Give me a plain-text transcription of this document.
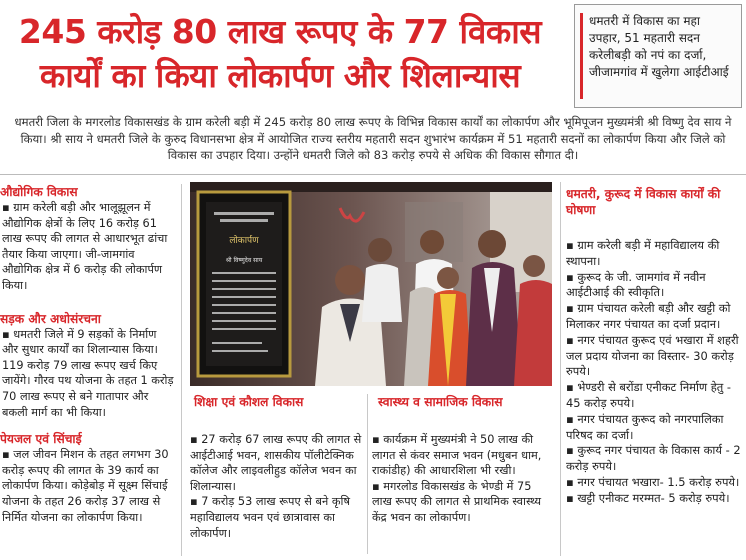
245 करोड़ 80 लाख रूपए के 77 विकास
कार्यों का किया लोकार्पण और शिलान्यास

धमतरी में विकास का महा उपहार, 51 महतारी सदन करेलीबड़ी को नपं का दर्जा, जीजामगांव में खुलेगा आईटीआई

धमतरी जिला के मगरलोड विकासखंड के ग्राम करेली बड़ी में 245 करोड़ 80 लाख रूपए के विभिन्न विकास कार्यों का लोकार्पण और भूमिपूजन मुख्यमंत्री श्री विष्णु देव साय ने किया। श्री साय ने धमतरी जिले के कुरुद विधानसभा क्षेत्र में आयोजित राज्य स्तरीय महतारी सदन शुभारंभ कार्यक्रम में 51 महतारी सदनों का लोकार्पण किया और जिले को विकास का उपहार दिया। उन्होंने धमतरी जिले को 83 करोड़ रुपये से अधिक की विकास सौगात दी।

औद्योगिक विकास

▪ ग्राम करेली बड़ी और भालूझूलन में औद्योगिक क्षेत्रों के लिए 16 करोड़ 61 लाख रूपए की लागत से आधारभूत ढांचा तैयार किया जाएगा। जी-जामगांव औद्योगिक क्षेत्र में 6 करोड़ की लोकार्पण किया।

सड़क और अधोसंरचना

▪ धमतरी जिले में 9 सड़कों के निर्माण और सुधार कार्यों का शिलान्यास किया। 119 करोड़ 79 लाख रूपए खर्च किए जायेंगे। गौरव पथ योजना के तहत 1 करोड़ 70 लाख रूपए से बने गातापार और बकली मार्ग का भी किया।

पेयजल एवं सिंचाई

▪ जल जीवन मिशन के तहत लगभग 30 करोड़ रूपए की लागत के 39 कार्य का लोकार्पण किया। कोड़ेबोड़ में सूक्ष्म सिंचाई योजना के तहत 26 करोड़ 37 लाख से निर्मित योजना का लोकार्पण किया।

लोकार्पण
श्री विष्णुदेव साय
शिक्षा एवं कौशल विकास

▪ 27 करोड़ 67 लाख रूपए की लागत से आईटीआई भवन, शासकीय पॉलीटेक्निक कॉलेज और लाइवलीहुड कॉलेज भवन का शिलान्यास।

▪ 7 करोड़ 53 लाख रूपए से बने कृषि महाविद्यालय भवन एवं छात्रावास का लोकार्पण।

स्वास्थ्य व सामाजिक विकास

▪ कार्यक्रम में मुख्यमंत्री ने 50 लाख की लागत से कंवर समाज भवन (मधुबन धाम, राकांडीह) की आधारशिला भी रखी।

▪ मगरलोड विकासखंड के भेण्डी में 75 लाख रूपए की लागत से प्राथमिक स्वास्थ्य केंद्र भवन का लोकार्पण।

धमतरी, कुरूद में विकास कार्यों की घोषणा

▪ ग्राम करेली बड़ी में महाविद्यालय की स्थापना।

▪ कुरूद के जी. जामगांव में नवीन आईटीआई की स्वीकृति।

▪ ग्राम पंचायत करेली बड़ी और खट्टी को मिलाकर नगर पंचायत का दर्जा प्रदान।

▪ नगर पंचायत कुरूद एवं भखारा में शहरी जल प्रदाय योजना का विस्तार- 30 करोड़ रुपये।

▪ भेण्डरी से बरोंडा एनीकट निर्माण हेतु - 45 करोड़ रुपये।

▪ नगर पंचायत कुरूद को नगरपालिका परिषद का दर्जा।

▪ कुरूद नगर पंचायत के विकास कार्य - 2 करोड़ रुपये।

▪ नगर पंचायत भखारा- 1.5 करोड़ रुपये।

▪ खट्टी एनीकट मरम्मत- 5 करोड़ रुपये।
